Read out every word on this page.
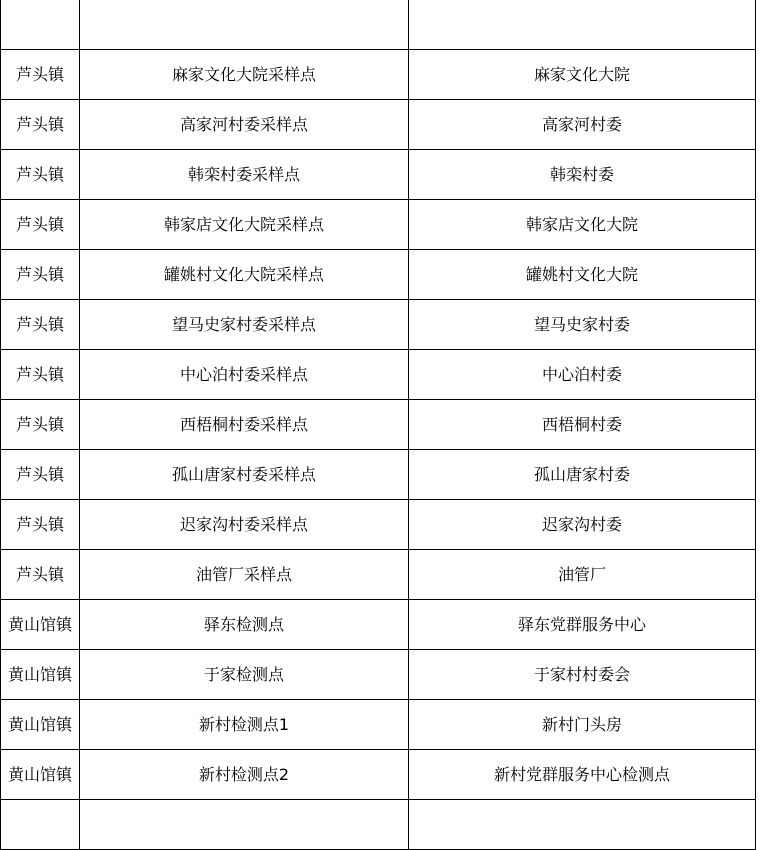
芦头镇	麻家文化大院采样点	麻家文化大院
芦头镇	高家河村委采样点	高家河村委
芦头镇	韩栾村委采样点	韩栾村委
芦头镇	韩家店文化大院采样点	韩家店文化大院
芦头镇	罐姚村文化大院采样点	罐姚村文化大院
芦头镇	望马史家村委采样点	望马史家村委
芦头镇	中心泊村委采样点	中心泊村委
芦头镇	西梧桐村委采样点	西梧桐村委
芦头镇	孤山唐家村委采样点	孤山唐家村委
芦头镇	迟家沟村委采样点	迟家沟村委
芦头镇	油管厂采样点	油管厂
黄山馆镇	驿东检测点	驿东党群服务中心
黄山馆镇	于家检测点	于家村村委会
黄山馆镇	新村检测点1	新村门头房
黄山馆镇	新村检测点2	新村党群服务中心检测点
